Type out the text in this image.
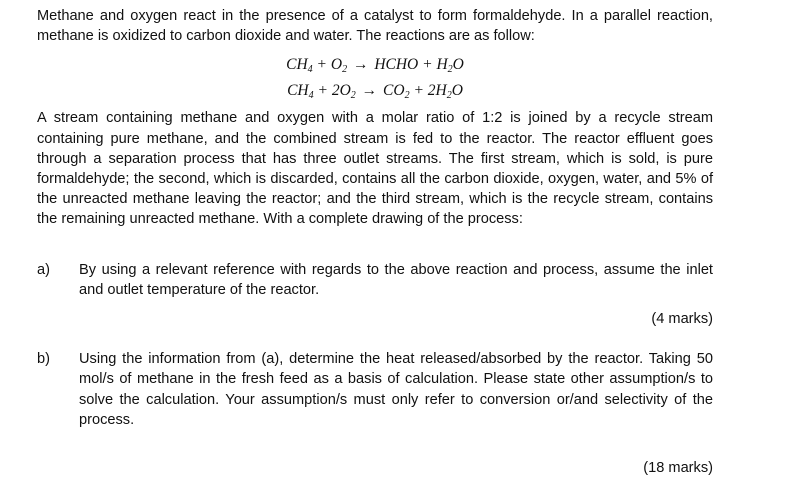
Methane and oxygen react in the presence of a catalyst to form formaldehyde. In a parallel reaction, methane is oxidized to carbon dioxide and water. The reactions are as follow:

$CH_4 + O_2$ → HCHO + $H_2O$
$CH_4 + 2O_2 \to CO_2 + 2H_2O$

A stream containing methane and oxygen with a molar ratio of 1:2 is joined by a recycle stream containing pure methane, and the combined stream is fed to the reactor. The reactor effluent goes through a separation process that has three outlet streams. The first stream, which is sold, is pure formaldehyde; the second, which is discarded, contains all the carbon dioxide, oxygen, water, and 5% of the unreacted methane leaving the reactor; and the third stream, which is the recycle stream, contains the remaining unreacted methane. With a complete drawing of the process:

a) By using a relevant reference with regards to the above reaction and process, assume the inlet and outlet temperature of the reactor.

(4 marks)

b) Using the information from (a), determine the heat released/absorbed by the reactor. Taking 50 mol/s of methane in the fresh feed as a basis of calculation. Please state other assumption/s to solve the calculation. Your assumption/s must only refer to conversion or/and selectivity of the process.

(18 marks)
